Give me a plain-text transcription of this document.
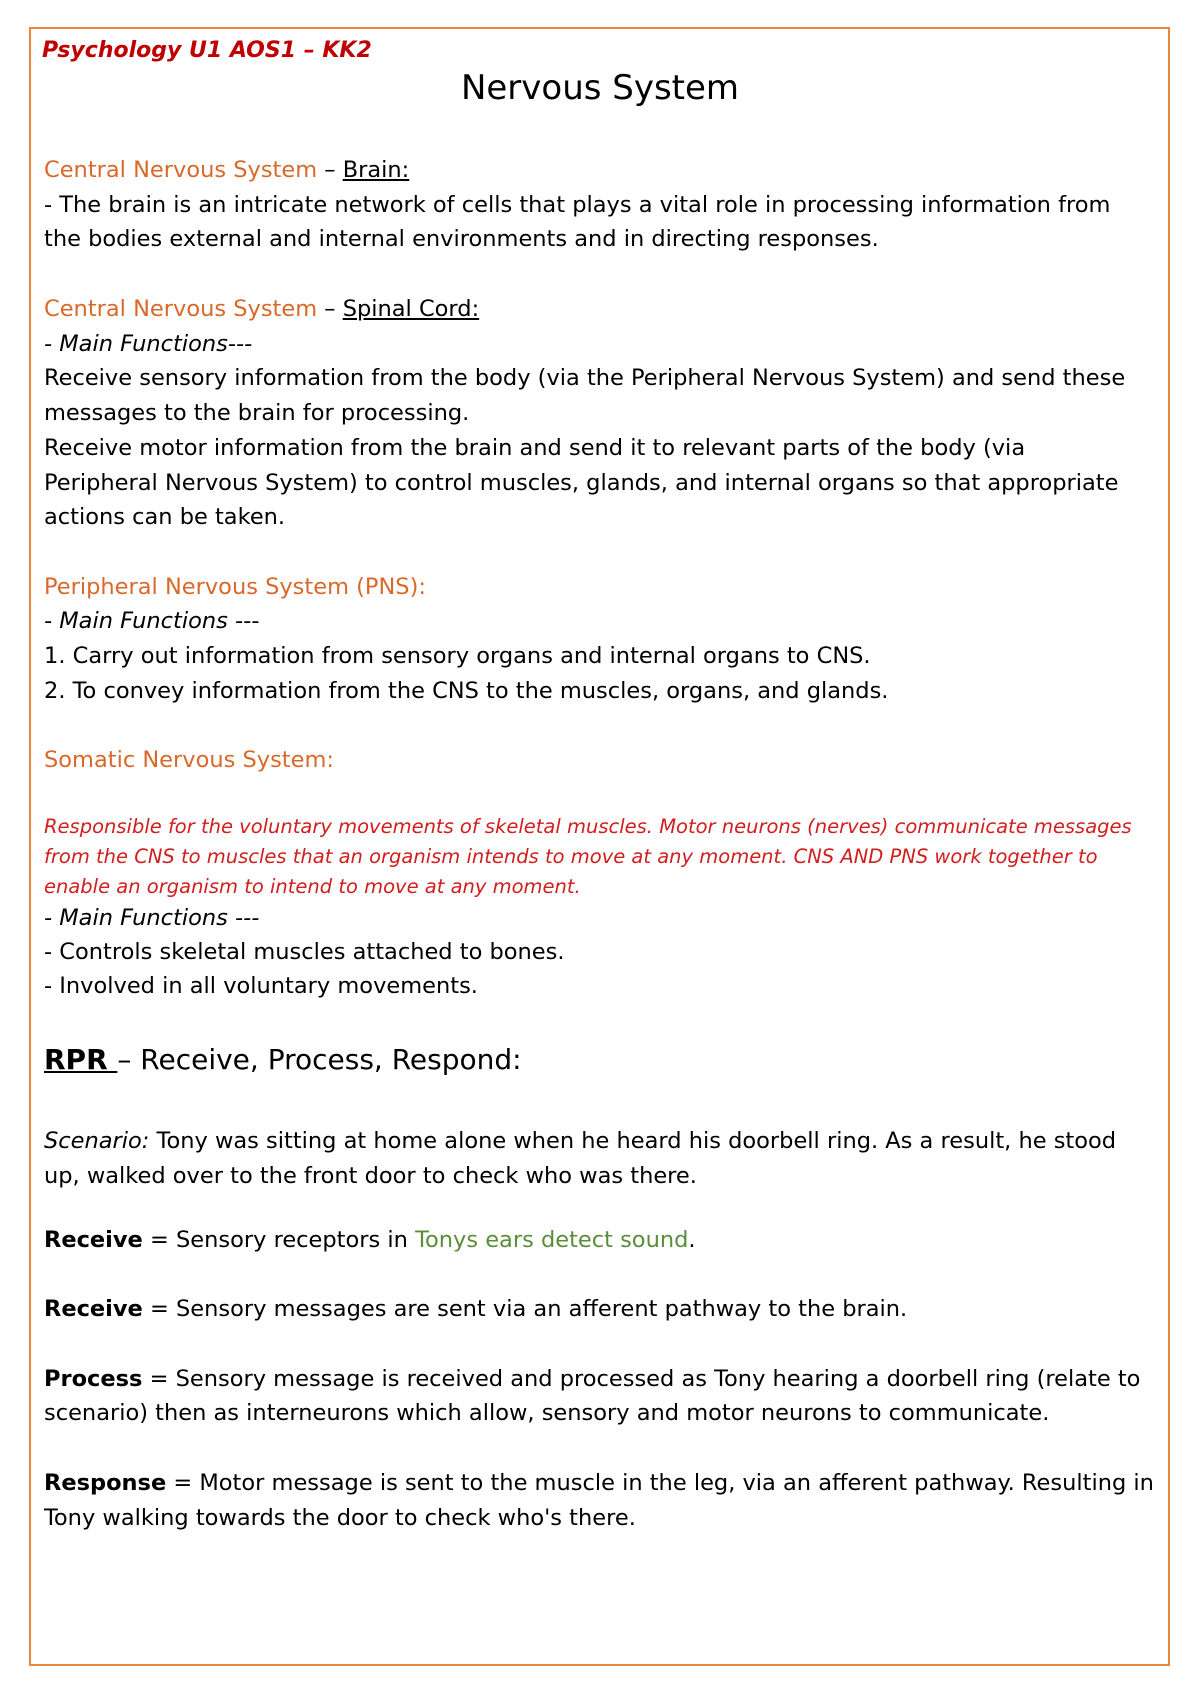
Psychology U1 AOS1 – KK2
Nervous System
Central Nervous System – Brain:
- The brain is an intricate network of cells that plays a vital role in processing information from
the bodies external and internal environments and in directing responses.
Central Nervous System – Spinal Cord:
- Main Functions---
Receive sensory information from the body (via the Peripheral Nervous System) and send these
messages to the brain for processing.
Receive motor information from the brain and send it to relevant parts of the body (via
Peripheral Nervous System) to control muscles, glands, and internal organs so that appropriate
actions can be taken.
Peripheral Nervous System (PNS):
- Main Functions ---
1. Carry out information from sensory organs and internal organs to CNS.
2. To convey information from the CNS to the muscles, organs, and glands.
Somatic Nervous System:
Responsible for the voluntary movements of skeletal muscles. Motor neurons (nerves) communicate messages
from the CNS to muscles that an organism intends to move at any moment. CNS AND PNS work together to
enable an organism to intend to move at any moment.
- Main Functions ---
- Controls skeletal muscles attached to bones.
- Involved in all voluntary movements.
RPR – Receive, Process, Respond:
Scenario: Tony was sitting at home alone when he heard his doorbell ring. As a result, he stood
up, walked over to the front door to check who was there.
Receive = Sensory receptors in Tonys ears detect sound.
Receive = Sensory messages are sent via an afferent pathway to the brain.
Process = Sensory message is received and processed as Tony hearing a doorbell ring (relate to
scenario) then as interneurons which allow, sensory and motor neurons to communicate.
Response = Motor message is sent to the muscle in the leg, via an afferent pathway. Resulting in
Tony walking towards the door to check who's there.
